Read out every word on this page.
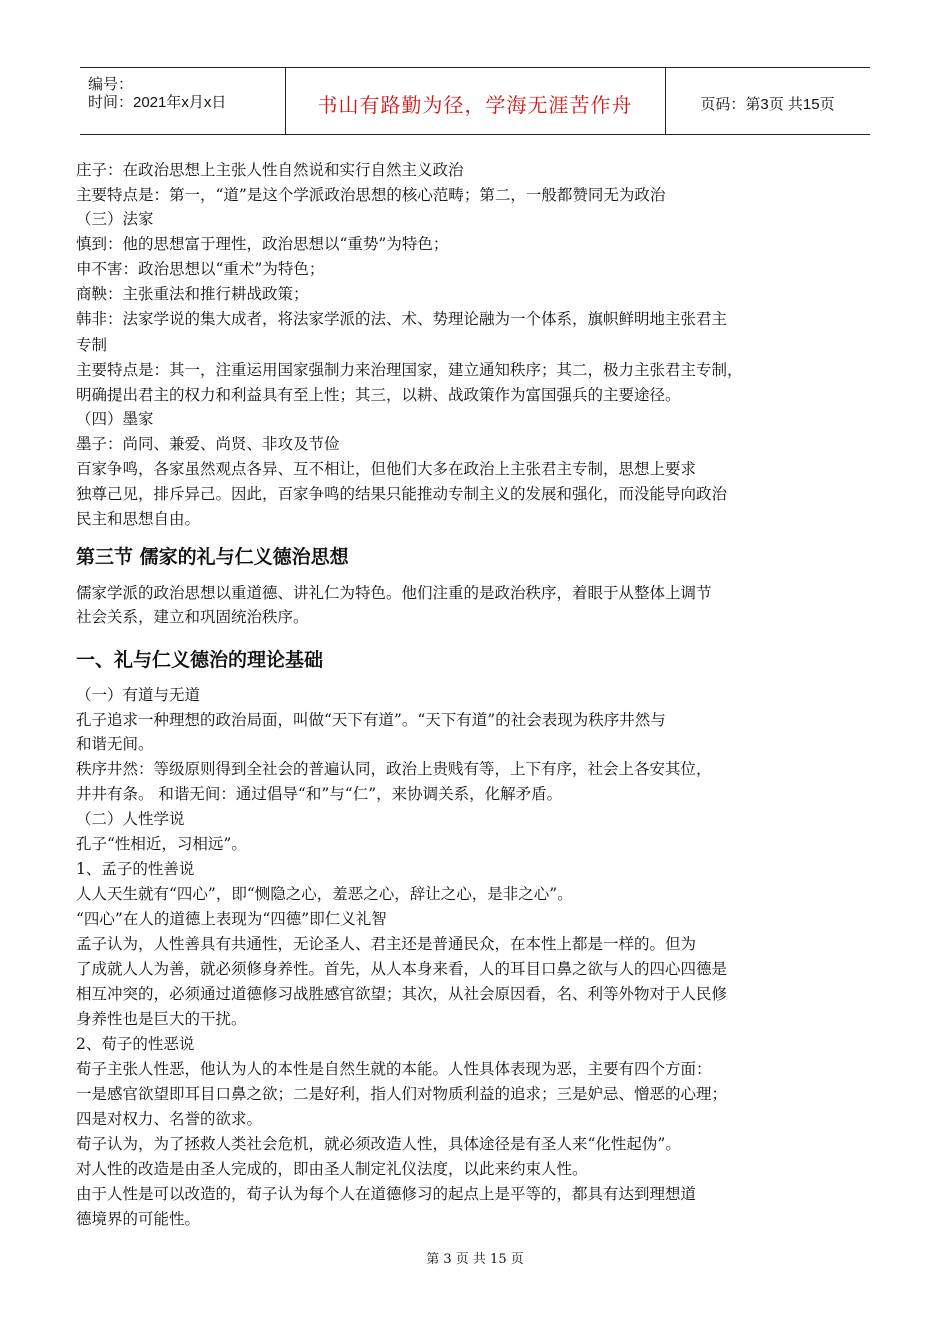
编号：
时间：2021年x月x日	书山有路勤为径，学海无涯苦作舟	页码：第3页 共15页
庄子：在政治思想上主张人性自然说和实行自然主义政治
主要特点是：第一，“道”是这个学派政治思想的核心范畴；第二，一般都赞同无为政治
（三）法家
慎到：他的思想富于理性，政治思想以“重势”为特色；
申不害：政治思想以“重术”为特色；
商鞅：主张重法和推行耕战政策；
韩非：法家学说的集大成者，将法家学派的法、术、势理论融为一个体系，旗帜鲜明地主张君主
专制
主要特点是：其一，注重运用国家强制力来治理国家，建立通知秩序；其二，极力主张君主专制，
明确提出君主的权力和利益具有至上性；其三，以耕、战政策作为富国强兵的主要途径。
（四）墨家
墨子：尚同、兼爱、尚贤、非攻及节俭
百家争鸣，各家虽然观点各异、互不相让，但他们大多在政治上主张君主专制，思想上要求
独尊己见，排斥异己。因此，百家争鸣的结果只能推动专制主义的发展和强化，而没能导向政治
民主和思想自由。
第三节 儒家的礼与仁义德治思想
儒家学派的政治思想以重道德、讲礼仁为特色。他们注重的是政治秩序，着眼于从整体上调节
社会关系，建立和巩固统治秩序。
一、礼与仁义德治的理论基础
（一）有道与无道
孔子追求一种理想的政治局面，叫做“天下有道”。“天下有道”的社会表现为秩序井然与
和谐无间。
秩序井然：等级原则得到全社会的普遍认同，政治上贵贱有等，上下有序，社会上各安其位，
井井有条。 和谐无间：通过倡导“和”与“仁”，来协调关系，化解矛盾。
（二）人性学说
孔子“性相近，习相远”。
1、孟子的性善说
人人天生就有“四心”，即“恻隐之心，羞恶之心，辞让之心，是非之心”。
“四心”在人的道德上表现为“四德”即仁义礼智
孟子认为，人性善具有共通性，无论圣人、君主还是普通民众，在本性上都是一样的。但为
了成就人人为善，就必须修身养性。首先，从人本身来看，人的耳目口鼻之欲与人的四心四德是
相互冲突的，必须通过道德修习战胜感官欲望；其次，从社会原因看，名、利等外物对于人民修
身养性也是巨大的干扰。
2、荀子的性恶说
荀子主张人性恶，他认为人的本性是自然生就的本能。人性具体表现为恶，主要有四个方面：
一是感官欲望即耳目口鼻之欲；二是好利，指人们对物质利益的追求；三是妒忌、憎恶的心理；
四是对权力、名誉的欲求。
荀子认为，为了拯救人类社会危机，就必须改造人性，具体途径是有圣人来“化性起伪”。
对人性的改造是由圣人完成的，即由圣人制定礼仪法度，以此来约束人性。
由于人性是可以改造的，荀子认为每个人在道德修习的起点上是平等的，都具有达到理想道
德境界的可能性。
第 3 页 共 15 页
